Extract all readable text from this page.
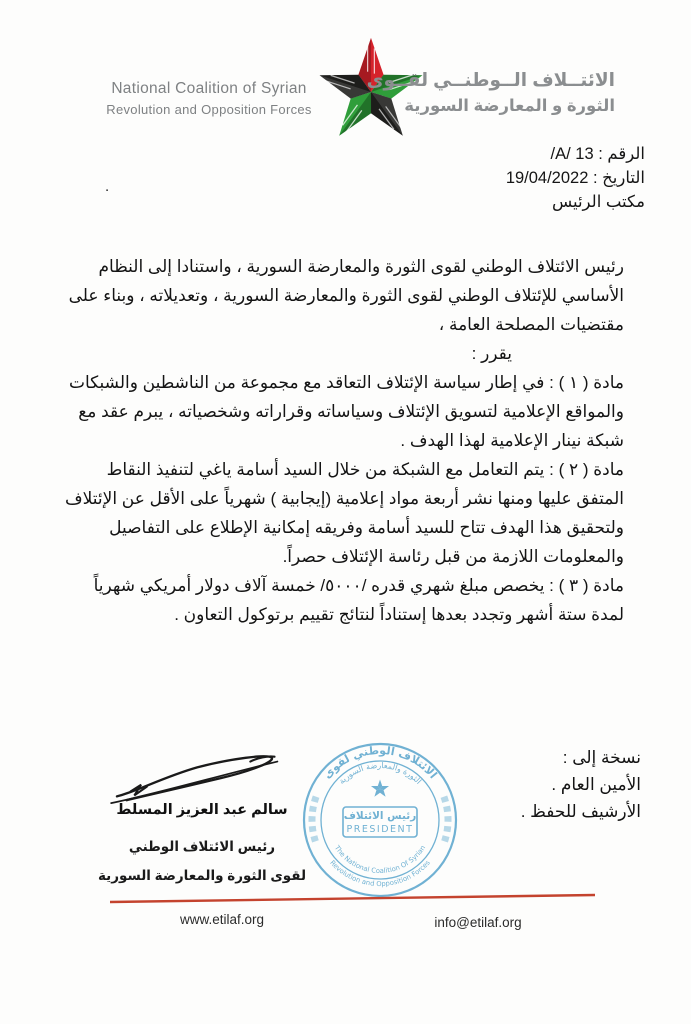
National Coalition of Syrian
Revolution and Opposition Forces
الائتــلاف الــوطنــي لقــوى
الثورة و المعارضة السورية
الرقم : 13 /A/
التاريخ : 19/04/2022
مكتب الرئيس
.

رئيس الائتلاف الوطني لقوى الثورة والمعارضة السورية ، واستنادا إلى النظام الأساسي للإئتلاف الوطني لقوى الثورة والمعارضة السورية ، وتعديلاته ، وبناء على مقتضيات المصلحة العامة ،

يقرر :

مادة ( ١ ) : في إطار سياسة الإئتلاف التعاقد مع مجموعة من الناشطين والشبكات والمواقع الإعلامية لتسويق الإئتلاف وسياساته وقراراته وشخصياته ، يبرم عقد مع شبكة نينار الإعلامية لهذا الهدف .

مادة ( ٢ ) : يتم التعامل مع الشبكة من خلال السيد أسامة ياغي لتنفيذ النقاط المتفق عليها ومنها نشر أربعة مواد إعلامية (إيجابية ) شهرياً على الأقل عن الإئتلاف ولتحقيق هذا الهدف تتاح للسيد أسامة وفريقه إمكانية الإطلاع على التفاصيل والمعلومات اللازمة من قبل رئاسة الإئتلاف حصراً.

مادة ( ٣ ) : يخصص مبلغ شهري قدره /٥٠٠٠/ خمسة آلاف دولار أمريكي شهرياً لمدة ستة أشهر وتجدد بعدها إستناداً لنتائج تقييم برتوكول التعاون .

نسخة إلى :
الأمين العام .
الأرشيف للحفظ .
سالم عبد العزيز المسلط
رئيس الائتلاف الوطني
لقوى الثورة والمعارضة السورية
الائتلاف الوطني لقوى
الثورة والمعارضة السورية
رئيس الائتلاف
PRESIDENT
The National Coalition Of Syrian
Revolution and Opposition Forces
www.etilaf.org	info@etilaf.org
